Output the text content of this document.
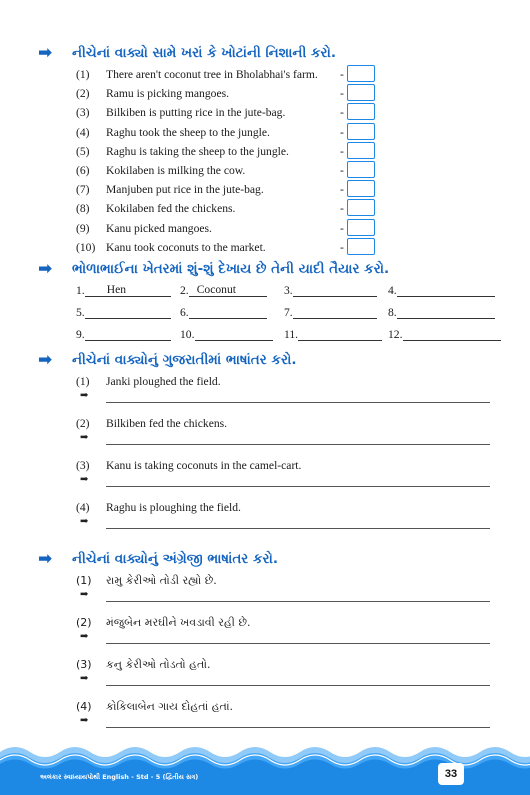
➡	નીચેનાં વાક્યો સામે ખરાં કે ખોટાંની નિશાની કરો.
(1) There aren't coconut tree in Bholabhai's farm. -
(2) Ramu is picking mangoes.	-
(3) Bilkiben is putting rice in the jute-bag.	-
(4) Raghu took the sheep to the jungle.	-
(5) Raghu is taking the sheep to the jungle.	-
(6) Kokilaben is milking the cow.	-
(7) Manjuben put rice in the jute-bag.	-
(8) Kokilaben fed the chickens.	-
(9) Kanu picked mangoes.	-
(10) Kanu took coconuts to the market.	-
➡	ભોળાભાઈના ખેતરમાં શું-શું દેખાય છે તેની યાદી તૈયાર કરો.
1. Hen	2. Coconut	3.	4.
5.	6.	7.	8.
9.	10.	11.	12.
➡	નીચેનાં વાક્યોનું ગુજરાતીમાં ભાષાંતર કરો.
(1) Janki ploughed the field.
➡
(2) Bilkiben fed the chickens.
➡
(3) Kanu is taking coconuts in the camel-cart.
➡
(4) Raghu is ploughing the field.
➡
➡	નીચેનાં વાક્યોનું અંગ્રેજી ભાષાંતર કરો.
(1) રામુ કેરીઓ તોડી રહ્યો છે.
➡
(2) મંજુબેન મરઘીને ખવડાવી રહી છે.
➡
(3) કનુ કેરીઓ તોડતો હતો.
➡
(4) કોકિલાબેન ગાય દોહતાં હતાં.
➡
અલંકાર સ્વાધ્યાયપોથી English - Std - 5 (દ્વિતીય સત્ર)	33
